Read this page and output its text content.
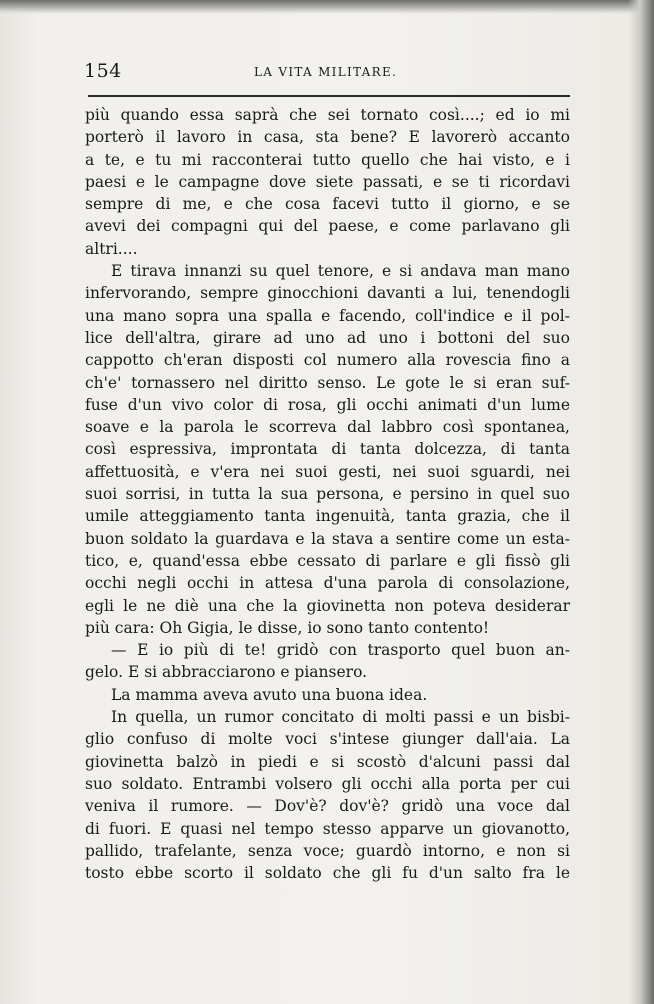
154	LA VITA MILITARE.

più quando essa saprà che sei tornato così....; ed io mi

porterò il lavoro in casa, sta bene? E lavorerò accanto

a te, e tu mi racconterai tutto quello che hai visto, e i

paesi e le campagne dove siete passati, e se ti ricordavi

sempre di me, e che cosa facevi tutto il giorno, e se

avevi dei compagni qui del paese, e come parlavano gli

altri....

E tirava innanzi su quel tenore, e si andava man mano

infervorando, sempre ginocchioni davanti a lui, tenendogli

una mano sopra una spalla e facendo, coll'indice e il pol-

lice dell'altra, girare ad uno ad uno i bottoni del suo

cappotto ch'eran disposti col numero alla rovescia fino a

ch'e' tornassero nel diritto senso. Le gote le si eran suf-

fuse d'un vivo color di rosa, gli occhi animati d'un lume

soave e la parola le scorreva dal labbro così spontanea,

così espressiva, improntata di tanta dolcezza, di tanta

affettuosità, e v'era nei suoi gesti, nei suoi sguardi, nei

suoi sorrisi, in tutta la sua persona, e persino in quel suo

umile atteggiamento tanta ingenuità, tanta grazia, che il

buon soldato la guardava e la stava a sentire come un esta-

tico, e, quand'essa ebbe cessato di parlare e gli fissò gli

occhi negli occhi in attesa d'una parola di consolazione,

egli le ne diè una che la giovinetta non poteva desiderar

più cara: Oh Gigia, le disse, io sono tanto contento!

— E io più di te! gridò con trasporto quel buon an-

gelo. E si abbracciarono e piansero.

La mamma aveva avuto una buona idea.

In quella, un rumor concitato di molti passi e un bisbi-

glio confuso di molte voci s'intese giunger dall'aia. La

giovinetta balzò in piedi e si scostò d'alcuni passi dal

suo soldato. Entrambi volsero gli occhi alla porta per cui

veniva il rumore. — Dov'è? dov'è? gridò una voce dal

di fuori. E quasi nel tempo stesso apparve un giovanotto,

pallido, trafelante, senza voce; guardò intorno, e non si

tosto ebbe scorto il soldato che gli fu d'un salto fra le
